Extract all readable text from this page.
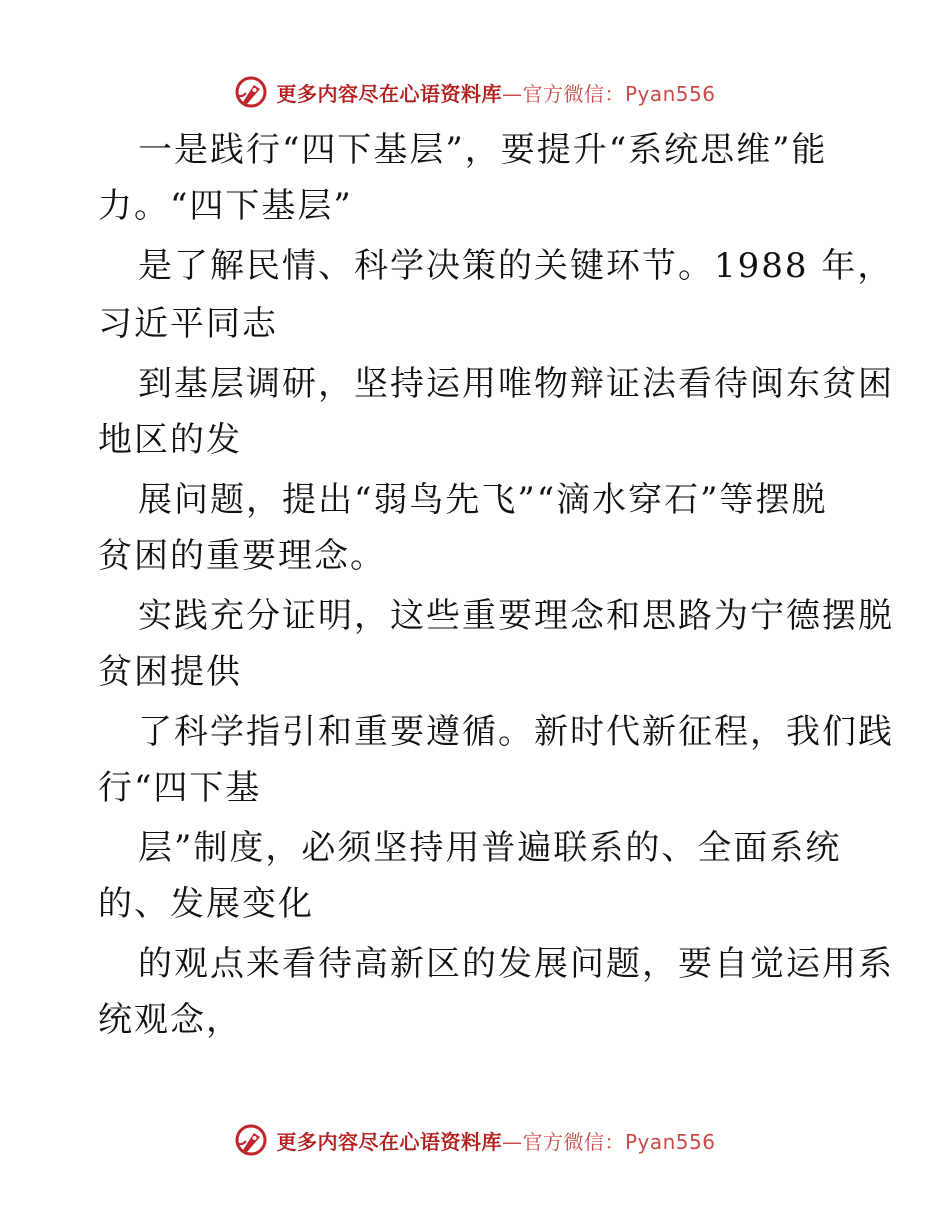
更多内容尽在心语资料库—官方微信：Pyan556
一是践行“四下基层”，要提升“系统思维”能
力。“四下基层”
是了解民情、科学决策的关键环节。1988 年，
习近平同志
到基层调研，坚持运用唯物辩证法看待闽东贫困
地区的发
展问题，提出“弱鸟先飞”“滴水穿石”等摆脱
贫困的重要理念。
实践充分证明，这些重要理念和思路为宁德摆脱
贫困提供
了科学指引和重要遵循。新时代新征程，我们践
行“四下基
层”制度，必须坚持用普遍联系的、全面系统
的、发展变化
的观点来看待高新区的发展问题，要自觉运用系
统观念，
更多内容尽在心语资料库—官方微信：Pyan556
